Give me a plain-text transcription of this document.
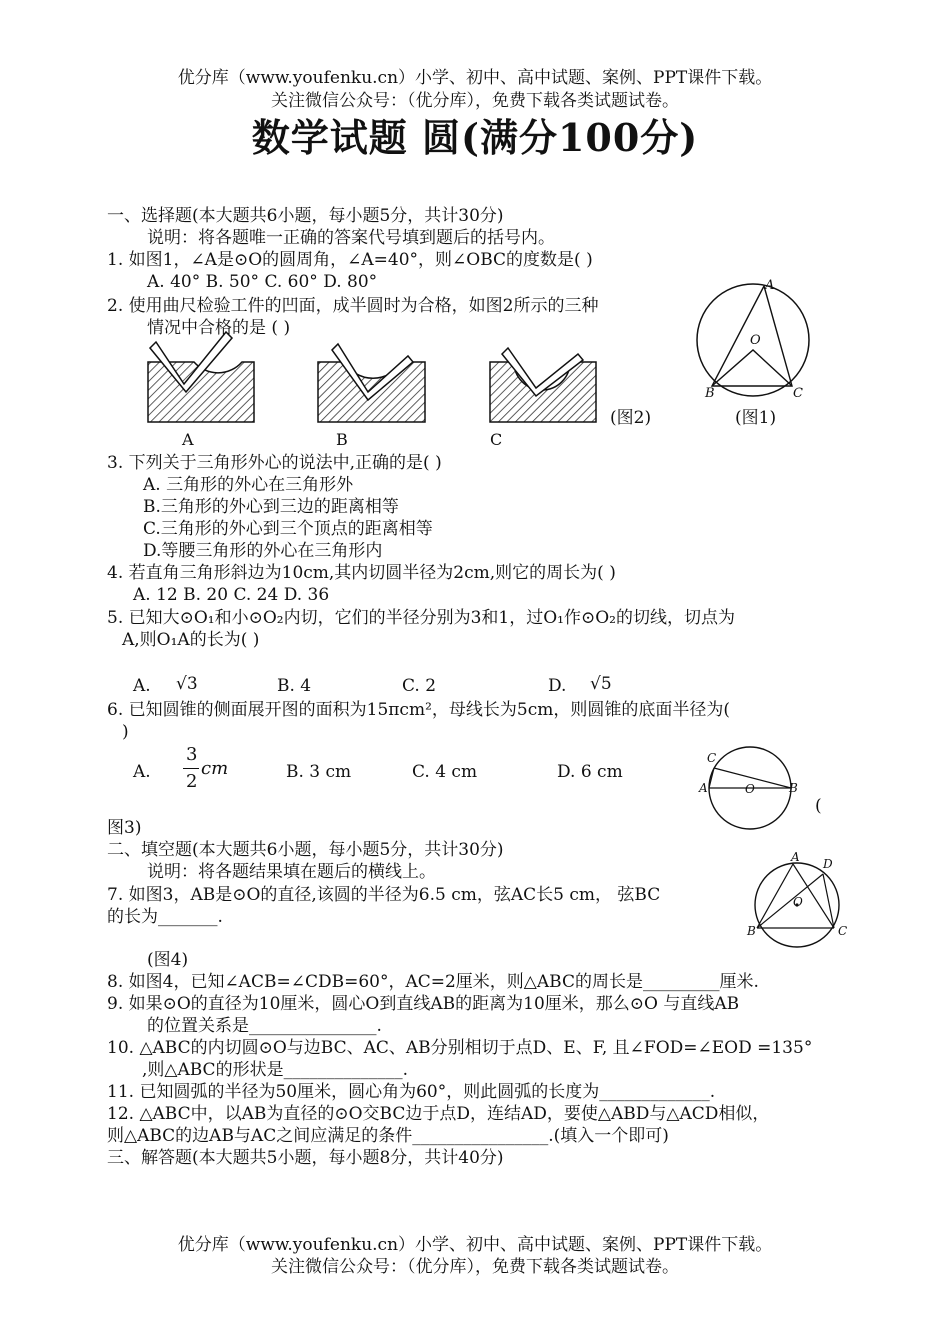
优分库（www.youfenku.cn）小学、初中、高中试题、案例、PPT课件下载。
关注微信公众号：（优分库），免费下载各类试题试卷。
数学试题 圆(满分100分)
一、选择题(本大题共6小题，每小题5分，共计30分)
说明：将各题唯一正确的答案代号填到题后的括号内。
1. 如图1，∠A是⊙O的圆周角，∠A=40°，则∠OBC的度数是( )
A. 40° B. 50° C. 60° D. 80°
2. 使用曲尺检验工件的凹面，成半圆时为合格，如图2所示的三种
情况中合格的是 ( )
A	B	C
(图2)
A
O
B	C
(图1)
3. 下列关于三角形外心的说法中,正确的是( )
A. 三角形的外心在三角形外
B.三角形的外心到三边的距离相等
C.三角形的外心到三个顶点的距离相等
D.等腰三角形的外心在三角形内
4. 若直角三角形斜边为10cm,其内切圆半径为2cm,则它的周长为( )
A. 12 B. 20 C. 24 D. 36
5. 已知大⊙O₁和小⊙O₂内切，它们的半径分别为3和1，过O₁作⊙O₂的切线，切点为
A,则O₁A的长为( )
A. √3	B. 4	C. 2	D. √5
6. 已知圆锥的侧面展开图的面积为15πcm²，母线长为5cm，则圆锥的底面半径为(
)
A.
3
2
cm	B. 3 cm	C. 4 cm	D. 6 cm
C
A	O	B
(
图3)
二、填空题(本大题共6小题，每小题5分，共计30分)
说明：将各题结果填在题后的横线上。
7. 如图3，AB是⊙O的直径,该圆的半径为6.5 cm，弦AC长5 cm， 弦BC
的长为_______.
A D
O
B	C
(图4)
8. 如图4，已知∠ACB=∠CDB=60°，AC=2厘米，则△ABC的周长是_________厘米.
9. 如果⊙O的直径为10厘米，圆心O到直线AB的距离为10厘米，那么⊙O 与直线AB
的位置关系是_______________.
10. △ABC的内切圆⊙O与边BC、AC、AB分别相切于点D、E、F, 且∠FOD=∠EOD =135°
,则△ABC的形状是______________.
11. 已知圆弧的半径为50厘米，圆心角为60°，则此圆弧的长度为_____________.
12. △ABC中，以AB为直径的⊙O交BC边于点D，连结AD，要使△ABD与△ACD相似，
则△ABC的边AB与AC之间应满足的条件________________.(填入一个即可)
三、解答题(本大题共5小题，每小题8分，共计40分)
优分库（www.youfenku.cn）小学、初中、高中试题、案例、PPT课件下载。
关注微信公众号：（优分库），免费下载各类试题试卷。
